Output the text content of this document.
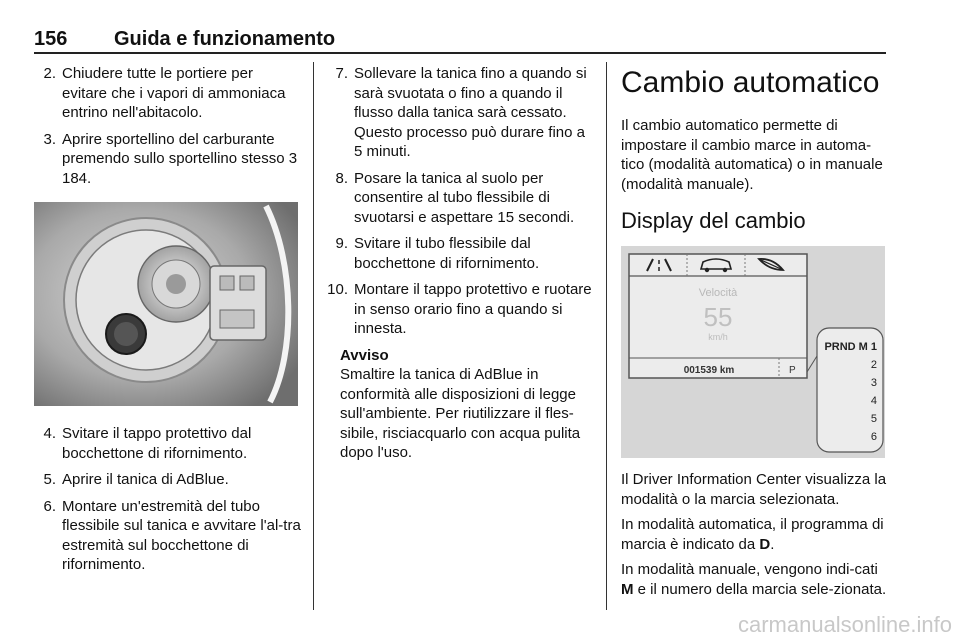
156 Guida e funzionamento
2. Chiudere tutte le portiere per evitare che i vapori di ammoniaca entrino nell'abitacolo.
3. Aprire sportellino del carburante premendo sullo sportellino stesso 3 184.
4. Svitare il tappo protettivo dal bocchettone di rifornimento.
5. Aprire il tanica di AdBlue.
6. Montare un'estremità del tubo flessibile sul tanica e avvitare l'al-tra estremità sul bocchettone di rifornimento.
7. Sollevare la tanica fino a quando si sarà svuotata o fino a quando il flusso dalla tanica sarà cessato. Questo processo può durare fino a 5 minuti.
8. Posare la tanica al suolo per consentire al tubo flessibile di svuotarsi e aspettare 15 secondi.
9. Svitare il tubo flessibile dal bocchettone di rifornimento.
10. Montare il tappo protettivo e ruotare in senso orario fino a quando si innesta.
Avviso
Smaltire la tanica di AdBlue in conformità alle disposizioni di legge sull'ambiente. Per riutilizzare il fles-sibile, risciacquarlo con acqua pulita dopo l'uso.
Cambio automatico

Il cambio automatico permette di impostare il cambio marce in automa-tico (modalità automatica) o in manuale (modalità manuale).

Display del cambio
Velocità
55
km/h
001539 km	P
PRND M 1
2
3
4
5
6

Il Driver Information Center visualizza la modalità o la marcia selezionata.

In modalità automatica, il programma di marcia è indicato da D.

In modalità manuale, vengono indi-cati M e il numero della marcia sele-zionata.

carmanualsonline.info
